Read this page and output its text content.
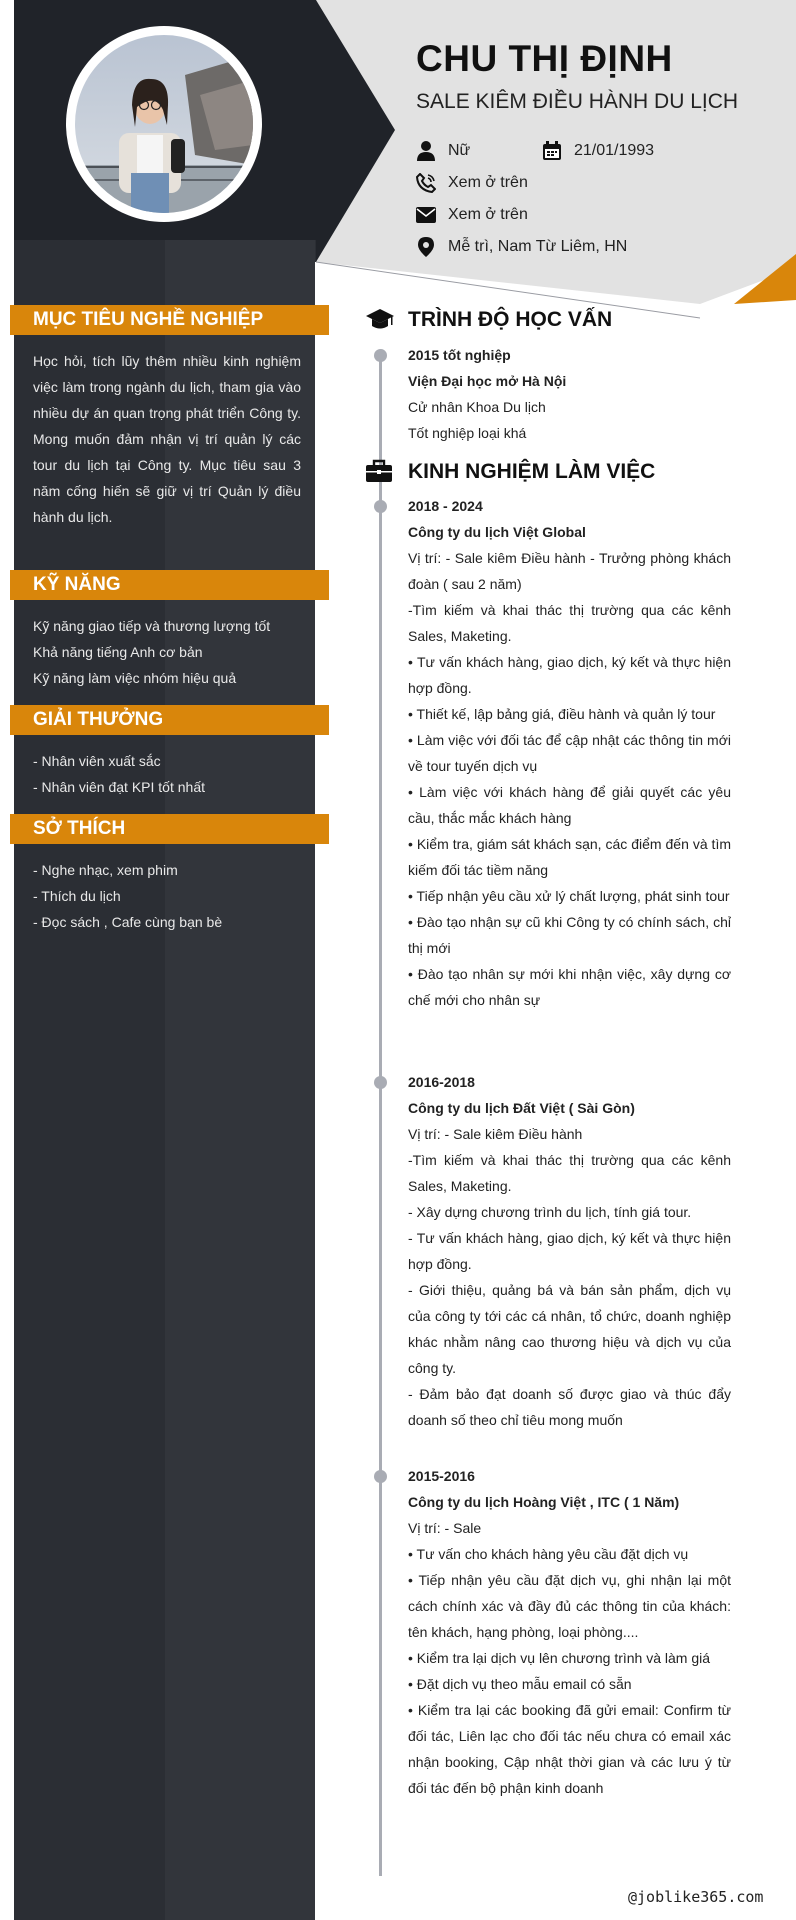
CHU THỊ ĐỊNH
SALE KIÊM ĐIỀU HÀNH DU LỊCH
Nữ	21/01/1993
Xem ở trên
Xem ở trên
Mễ trì, Nam Từ Liêm, HN
MỤC TIÊU NGHỀ NGHIỆP
Học hỏi, tích lũy thêm nhiều kinh nghiệm việc làm trong ngành du lịch, tham gia vào nhiều dự án quan trọng phát triển Công ty. Mong muốn đảm nhận vị trí quản lý các tour du lịch tại Công ty. Mục tiêu sau 3 năm cống hiến sẽ giữ vị trí Quản lý điều hành du lịch.
KỸ NĂNG
Kỹ năng giao tiếp và thương lượng tốt
Khả năng tiếng Anh cơ bản
Kỹ năng làm việc nhóm hiệu quả
GIẢI THƯỞNG
- Nhân viên xuất sắc
- Nhân viên đạt KPI tốt nhất
SỞ THÍCH
- Nghe nhạc, xem phim
- Thích du lịch
- Đọc sách , Cafe cùng bạn bè
TRÌNH ĐỘ HỌC VẤN
2015 tốt nghiệp
Viện Đại học mở Hà Nội
Cử nhân Khoa Du lịch
Tốt nghiệp loại khá
KINH NGHIỆM LÀM VIỆC
2018 - 2024
Công ty du lịch Việt Global
Vị trí: - Sale kiêm Điều hành - Trưởng phòng khách đoàn ( sau 2 năm)
-Tìm kiếm và khai thác thị trường qua các kênh Sales, Maketing.
• Tư vấn khách hàng, giao dịch, ký kết và thực hiện hợp đồng.
• Thiết kế, lập bảng giá, điều hành và quản lý tour
• Làm việc với đối tác để cập nhật các thông tin mới về tour tuyến dịch vụ
• Làm việc với khách hàng để giải quyết các yêu cầu, thắc mắc khách hàng
• Kiểm tra, giám sát khách sạn, các điểm đến và tìm kiếm đối tác tiềm năng
• Tiếp nhận yêu cầu xử lý chất lượng, phát sinh tour
• Đào tạo nhận sự cũ khi Công ty có chính sách, chỉ thị mới
• Đào tạo nhân sự mới khi nhận việc, xây dựng cơ chế mới cho nhân sự
2016-2018
Công ty du lịch Đất Việt ( Sài Gòn)
Vị trí: - Sale kiêm Điều hành
-Tìm kiếm và khai thác thị trường qua các kênh Sales, Maketing.
- Xây dựng chương trình du lịch, tính giá tour.
- Tư vấn khách hàng, giao dịch, ký kết và thực hiện hợp đồng.
- Giới thiệu, quảng bá và bán sản phẩm, dịch vụ của công ty tới các cá nhân, tổ chức, doanh nghiệp khác nhằm nâng cao thương hiệu và dịch vụ của công ty.
- Đảm bảo đạt doanh số được giao và thúc đẩy doanh số theo chỉ tiêu mong muốn
2015-2016
Công ty du lịch Hoàng Việt , ITC ( 1 Năm)
Vị trí: - Sale
• Tư vấn cho khách hàng yêu cầu đặt dịch vụ
• Tiếp nhận yêu cầu đặt dịch vụ, ghi nhận lại một cách chính xác và đầy đủ các thông tin của khách: tên khách, hạng phòng, loại phòng....
• Kiểm tra lại dịch vụ lên chương trình và làm giá
• Đặt dịch vụ theo mẫu email có sẵn
• Kiểm tra lại các booking đã gửi email: Confirm từ đối tác, Liên lạc cho đối tác nếu chưa có email xác nhận booking, Cập nhật thời gian và các lưu ý từ đối tác đến bộ phận kinh doanh
@joblike365.com
